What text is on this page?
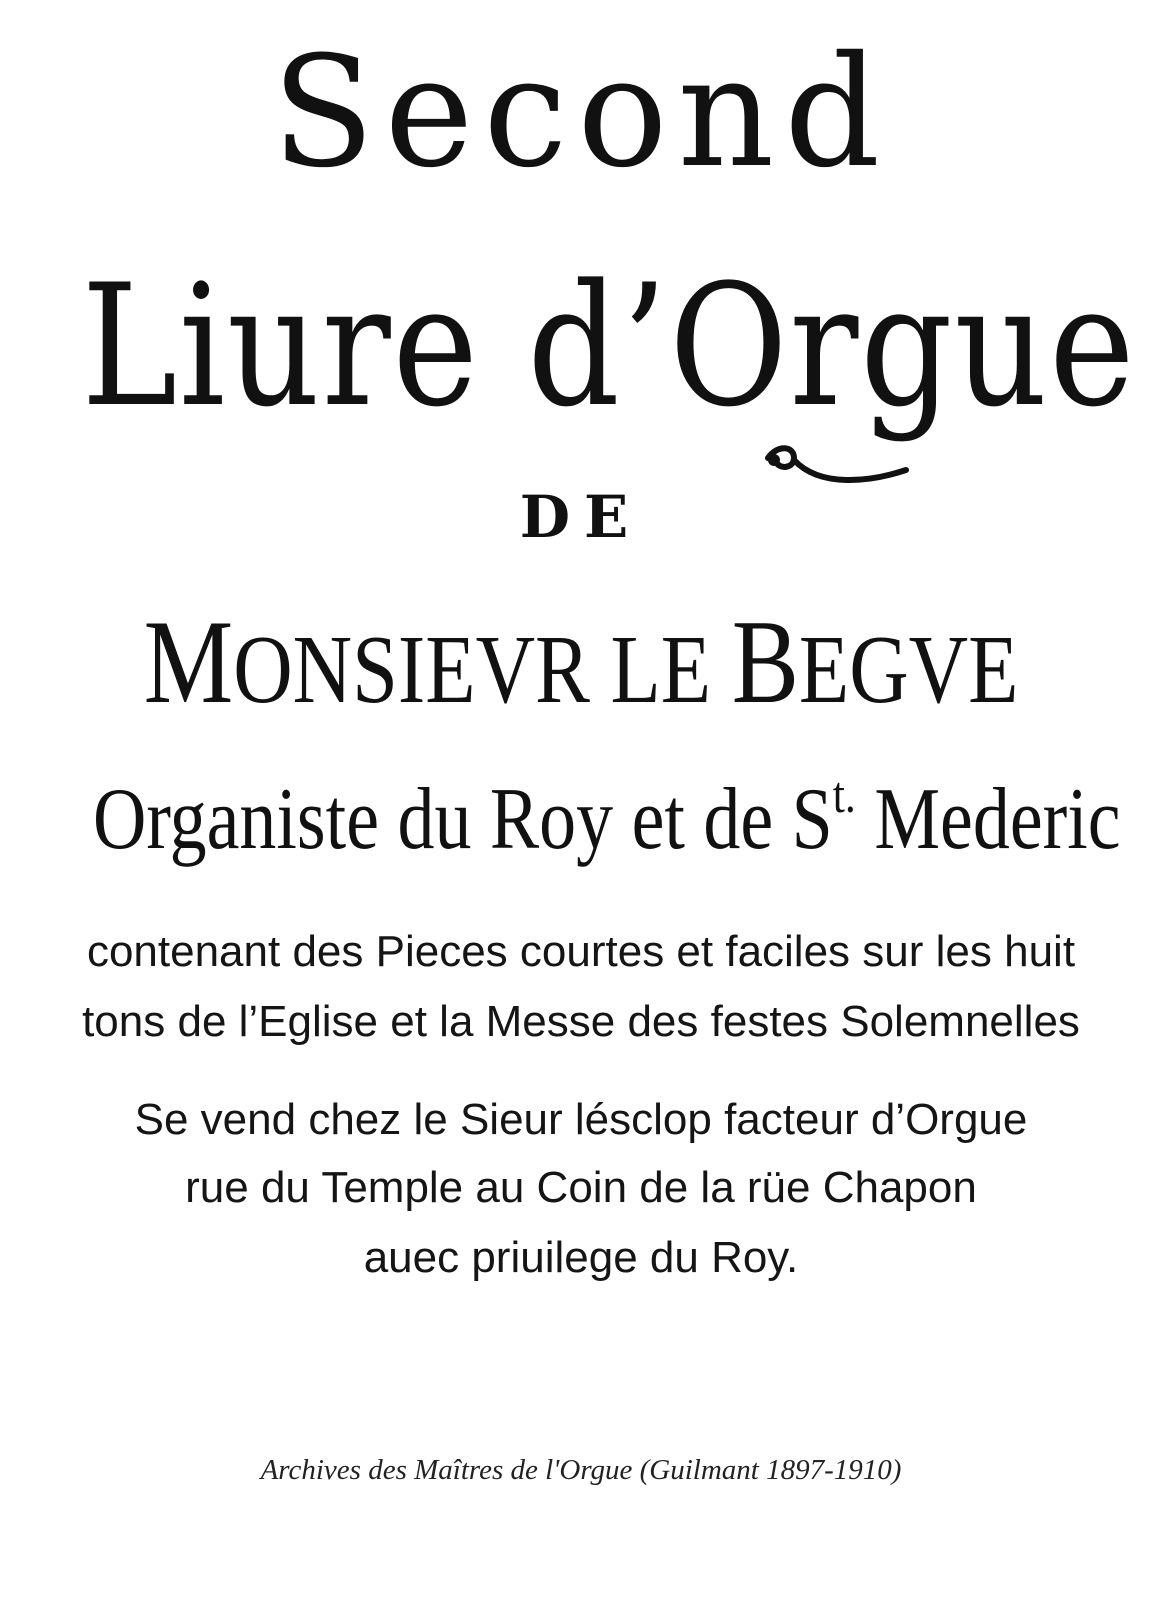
Second
Liure d’Orgue
DE
MONSIEVR LE BEGVE
Organiste du Roy et de $S^{t.}$ Mederic
contenant des Pieces courtes et faciles sur les huit
tons de l’Eglise et la Messe des festes Solemnelles
Se vend chez le Sieur lésclop facteur d’Orgue
rue du Temple au Coin de la rüe Chapon
auec priuilege du Roy.
Archives des Maîtres de l'Orgue (Guilmant 1897-1910)
